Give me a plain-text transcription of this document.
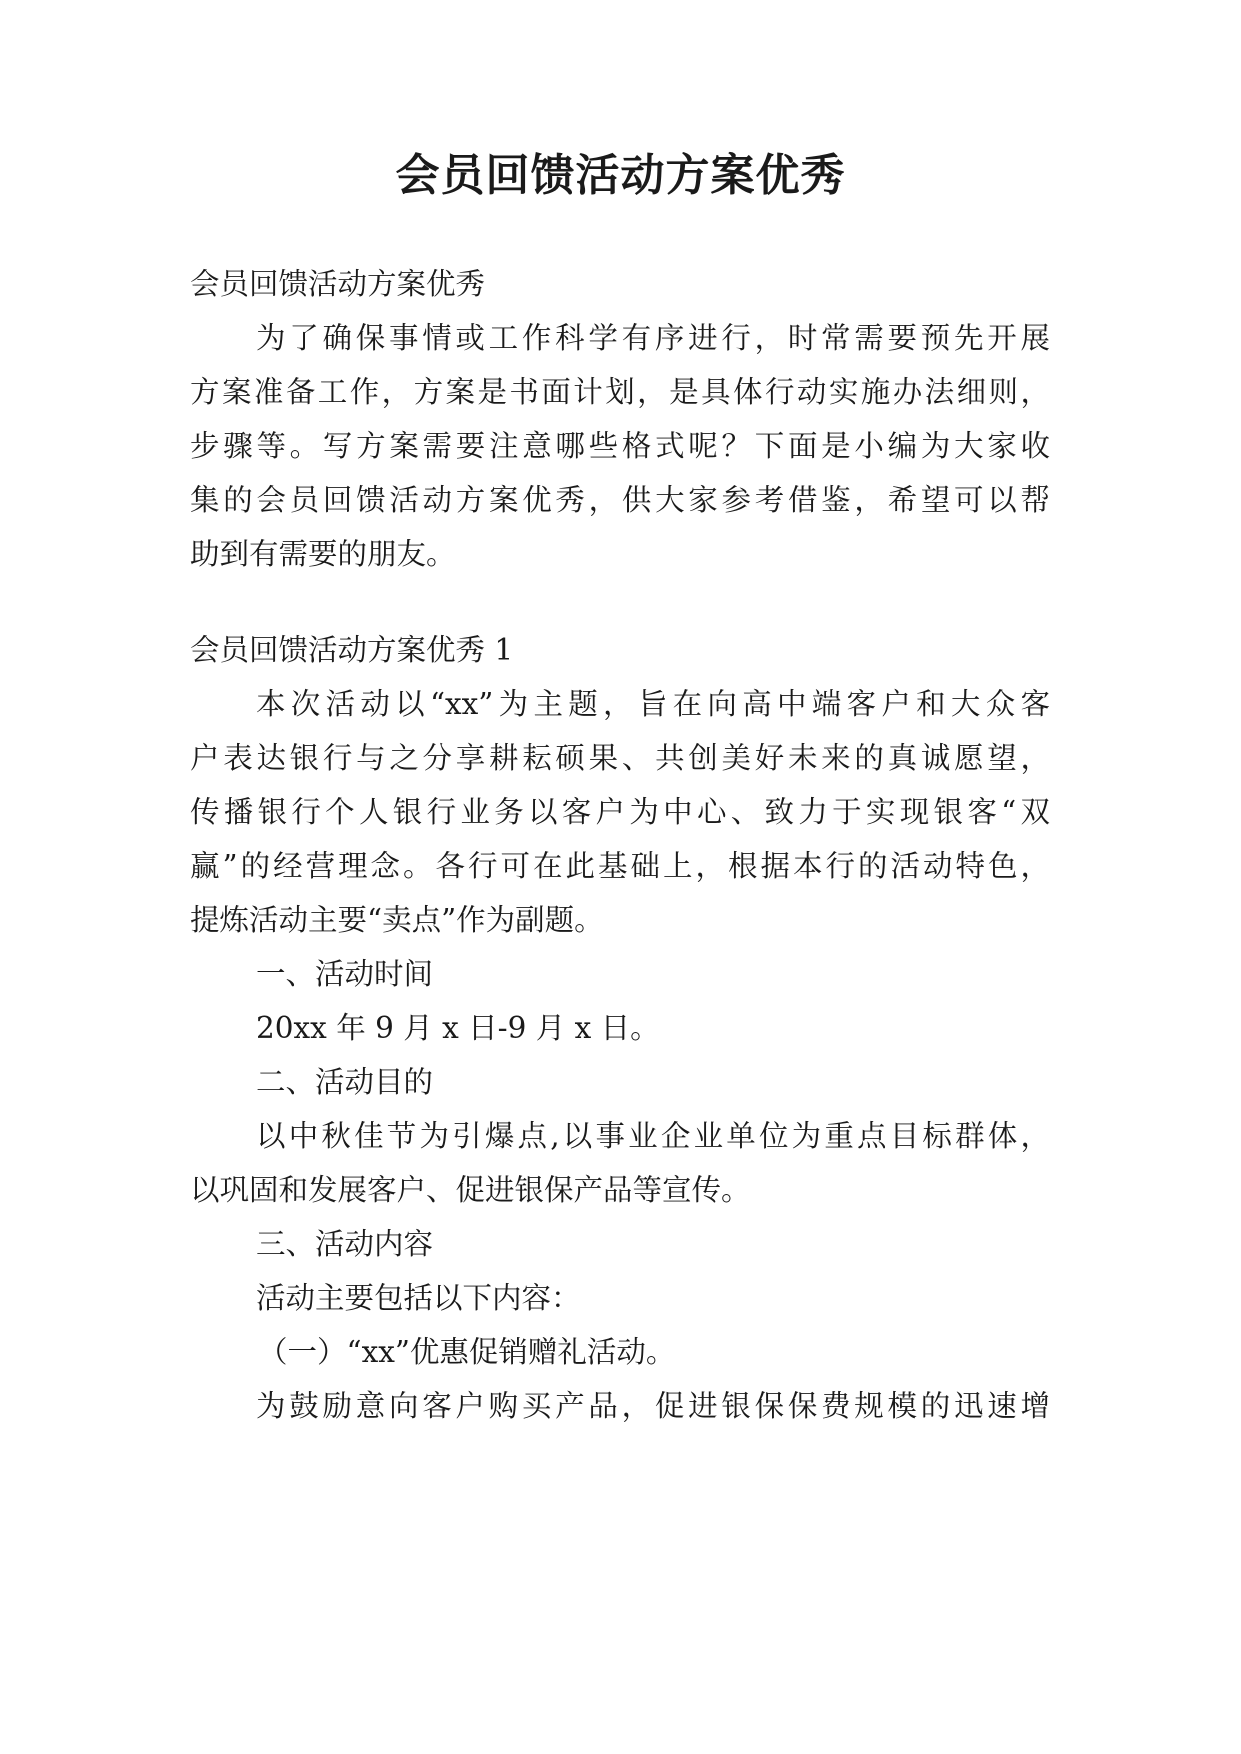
会员回馈活动方案优秀

会员回馈活动方案优秀

为了确保事情或工作科学有序进行，时常需要预先开展

方案准备工作，方案是书面计划，是具体行动实施办法细则，

步骤等。写方案需要注意哪些格式呢？下面是小编为大家收

集的会员回馈活动方案优秀，供大家参考借鉴，希望可以帮

助到有需要的朋友。

会员回馈活动方案优秀 1

本次活动以“xx”为主题，旨在向高中端客户和大众客

户表达银行与之分享耕耘硕果、共创美好未来的真诚愿望，

传播银行个人银行业务以客户为中心、致力于实现银客“双

赢”的经营理念。各行可在此基础上，根据本行的活动特色，

提炼活动主要“卖点”作为副题。

一、活动时间

20xx 年 9 月 x 日-9 月 x 日。

二、活动目的

以中秋佳节为引爆点,以事业企业单位为重点目标群体，

以巩固和发展客户、促进银保产品等宣传。

三、活动内容

活动主要包括以下内容：

（一）“xx”优惠促销赠礼活动。

为鼓励意向客户购买产品，促进银保保费规模的迅速增
